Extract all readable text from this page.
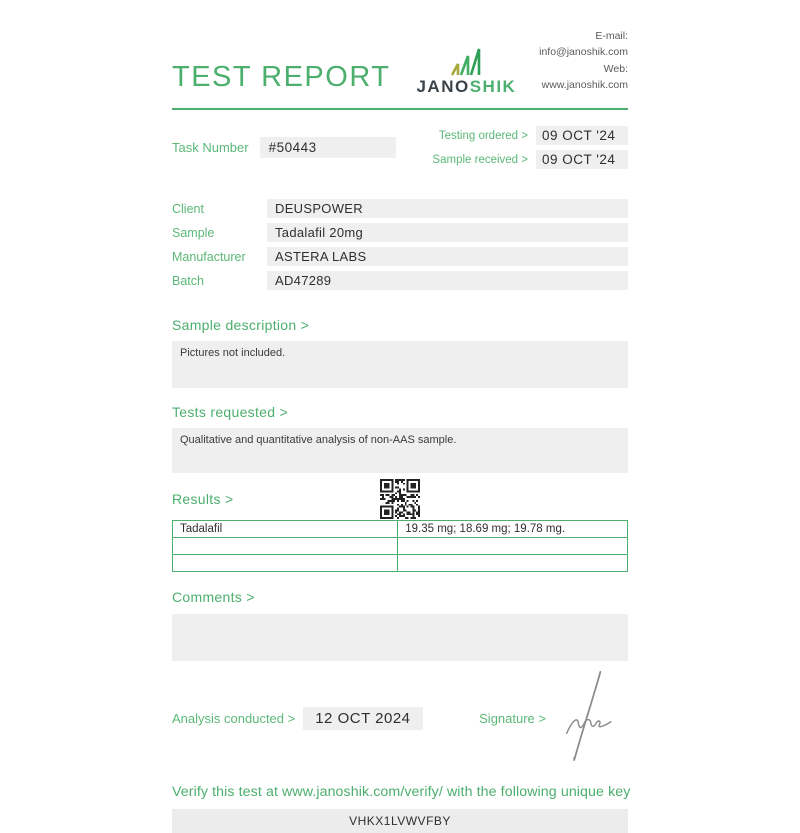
TEST REPORT JANOSHIK
E-mail: info@janoshik.com
Web: www.janoshik.com
Task Number	#50443
Testing ordered >	09 OCT '24
Sample received >	09 OCT '24
Client	DEUSPOWER
Sample	Tadalafil 20mg
Manufacturer	ASTERA LABS
Batch	AD47289
Sample description >
Pictures not included.
Tests requested >
Qualitative and quantitative analysis of non-AAS sample.
Results >
Tadalafil	19.35 mg; 18.69 mg; 19.78 mg.

Comments >
Analysis conducted >	12 OCT 2024	Signature >
Verify this test at www.janoshik.com/verify/ with the following unique key
VHKX1LVWVFBY
